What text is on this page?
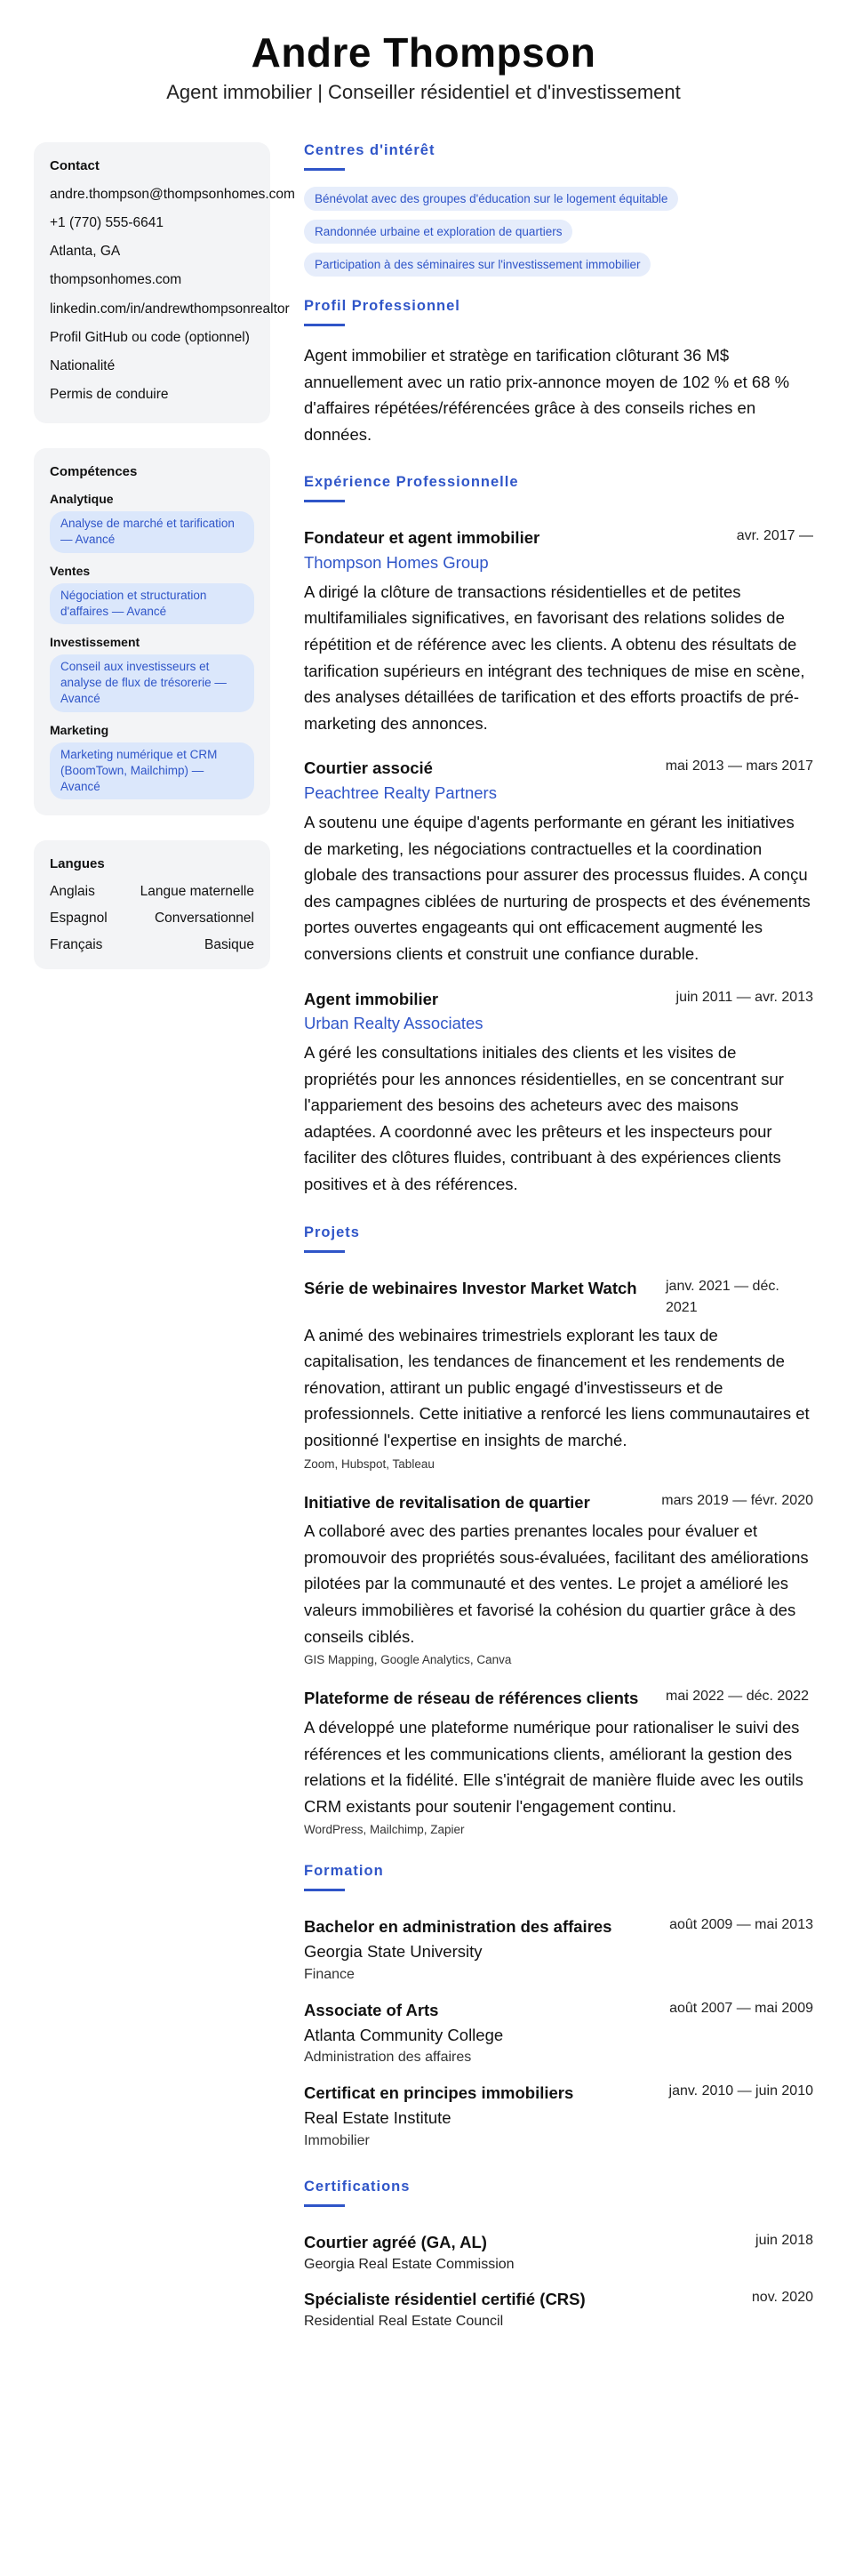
Andre Thompson
Agent immobilier | Conseiller résidentiel et d'investissement
Contact
andre.thompson@thompsonhomes.com
+1 (770) 555-6641
Atlanta, GA
thompsonhomes.com
linkedin.com/in/andrewthompsonrealtor
Profil GitHub ou code (optionnel)
Nationalité
Permis de conduire
Compétences
Analytique
Analyse de marché et tarification — Avancé
Ventes
Négociation et structuration d'affaires — Avancé
Investissement
Conseil aux investisseurs et analyse de flux de trésorerie — Avancé
Marketing
Marketing numérique et CRM (BoomTown, Mailchimp) — Avancé
Langues
Anglais	Langue maternelle
Espagnol	Conversationnel
Français	Basique
Centres d'intérêt
Bénévolat avec des groupes d'éducation sur le logement équitable
Randonnée urbaine et exploration de quartiers
Participation à des séminaires sur l'investissement immobilier
Profil Professionnel

Agent immobilier et stratège en tarification clôturant 36 M$ annuellement avec un ratio prix-annonce moyen de 102 % et 68 % d'affaires répétées/référencées grâce à des conseils riches en données.

Expérience Professionnelle
Fondateur et agent immobilier	avr. 2017 —
Thompson Homes Group

A dirigé la clôture de transactions résidentielles et de petites multifamiliales significatives, en favorisant des relations solides de répétition et de référence avec les clients. A obtenu des résultats de tarification supérieurs en intégrant des techniques de mise en scène, des analyses détaillées de tarification et des efforts proactifs de pré-marketing des annonces.

Courtier associé	mai 2013 — mars 2017
Peachtree Realty Partners

A soutenu une équipe d'agents performante en gérant les initiatives de marketing, les négociations contractuelles et la coordination globale des transactions pour assurer des processus fluides. A conçu des campagnes ciblées de nurturing de prospects et des événements portes ouvertes engageants qui ont efficacement augmenté les conversions clients et construit une confiance durable.

Agent immobilier	juin 2011 — avr. 2013
Urban Realty Associates

A géré les consultations initiales des clients et les visites de propriétés pour les annonces résidentielles, en se concentrant sur l'appariement des besoins des acheteurs avec des maisons adaptées. A coordonné avec les prêteurs et les inspecteurs pour faciliter des clôtures fluides, contribuant à des expériences clients positives et à des références.

Projets
Série de webinaires Investor Market Watch	janv. 2021 — déc. 2021

A animé des webinaires trimestriels explorant les taux de capitalisation, les tendances de financement et les rendements de rénovation, attirant un public engagé d'investisseurs et de professionnels. Cette initiative a renforcé les liens communautaires et positionné l'expertise en insights de marché.

Zoom, Hubspot, Tableau
Initiative de revitalisation de quartier	mars 2019 — févr. 2020

A collaboré avec des parties prenantes locales pour évaluer et promouvoir des propriétés sous-évaluées, facilitant des améliorations pilotées par la communauté et des ventes. Le projet a amélioré les valeurs immobilières et favorisé la cohésion du quartier grâce à des conseils ciblés.

GIS Mapping, Google Analytics, Canva
Plateforme de réseau de références clients	mai 2022 — déc. 2022

A développé une plateforme numérique pour rationaliser le suivi des références et les communications clients, améliorant la gestion des relations et la fidélité. Elle s'intégrait de manière fluide avec les outils CRM existants pour soutenir l'engagement continu.

WordPress, Mailchimp, Zapier
Formation
Bachelor en administration des affaires	août 2009 — mai 2013
Georgia State University
Finance
Associate of Arts	août 2007 — mai 2009
Atlanta Community College
Administration des affaires
Certificat en principes immobiliers	janv. 2010 — juin 2010
Real Estate Institute
Immobilier
Certifications
Courtier agréé (GA, AL)	juin 2018
Georgia Real Estate Commission
Spécialiste résidentiel certifié (CRS)	nov. 2020
Residential Real Estate Council
